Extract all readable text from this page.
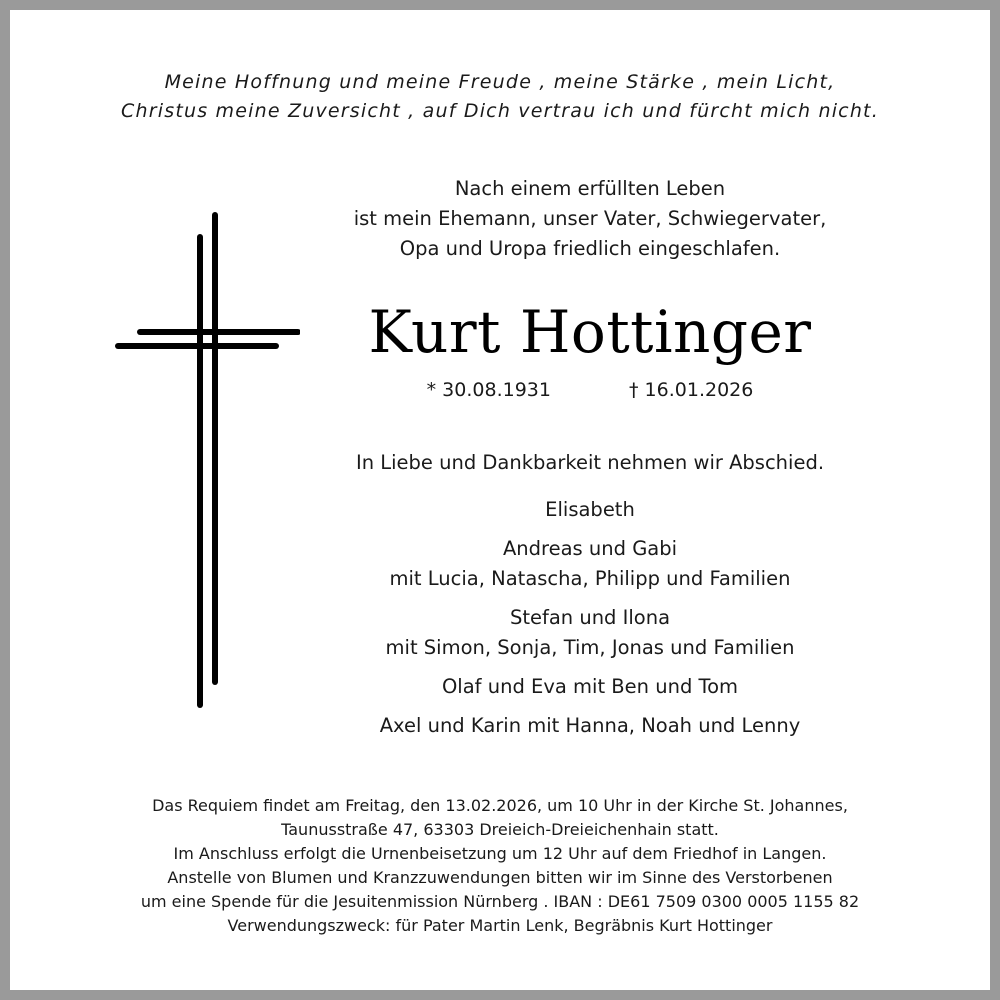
Meine Hoffnung und meine Freude , meine Stärke , mein Licht,
Christus meine Zuversicht , auf Dich vertrau ich und fürcht mich nicht.
Nach einem erfüllten Leben
ist mein Ehemann, unser Vater, Schwiegervater,
Opa und Uropa friedlich eingeschlafen.
Kurt Hottinger
* 30.08.1931	† 16.01.2026
In Liebe und Dankbarkeit nehmen wir Abschied.
Elisabeth
Andreas und Gabi
mit Lucia, Natascha, Philipp und Familien
Stefan und Ilona
mit Simon, Sonja, Tim, Jonas und Familien
Olaf und Eva mit Ben und Tom
Axel und Karin mit Hanna, Noah und Lenny
Das Requiem findet am Freitag, den 13.02.2026, um 10 Uhr in der Kirche St. Johannes,
Taunusstraße 47, 63303 Dreieich-Dreieichenhain statt.
Im Anschluss erfolgt die Urnenbeisetzung um 12 Uhr auf dem Friedhof in Langen.
Anstelle von Blumen und Kranzzuwendungen bitten wir im Sinne des Verstorbenen
um eine Spende für die Jesuitenmission Nürnberg . IBAN : DE61 7509 0300 0005 1155 82
Verwendungszweck: für Pater Martin Lenk, Begräbnis Kurt Hottinger
